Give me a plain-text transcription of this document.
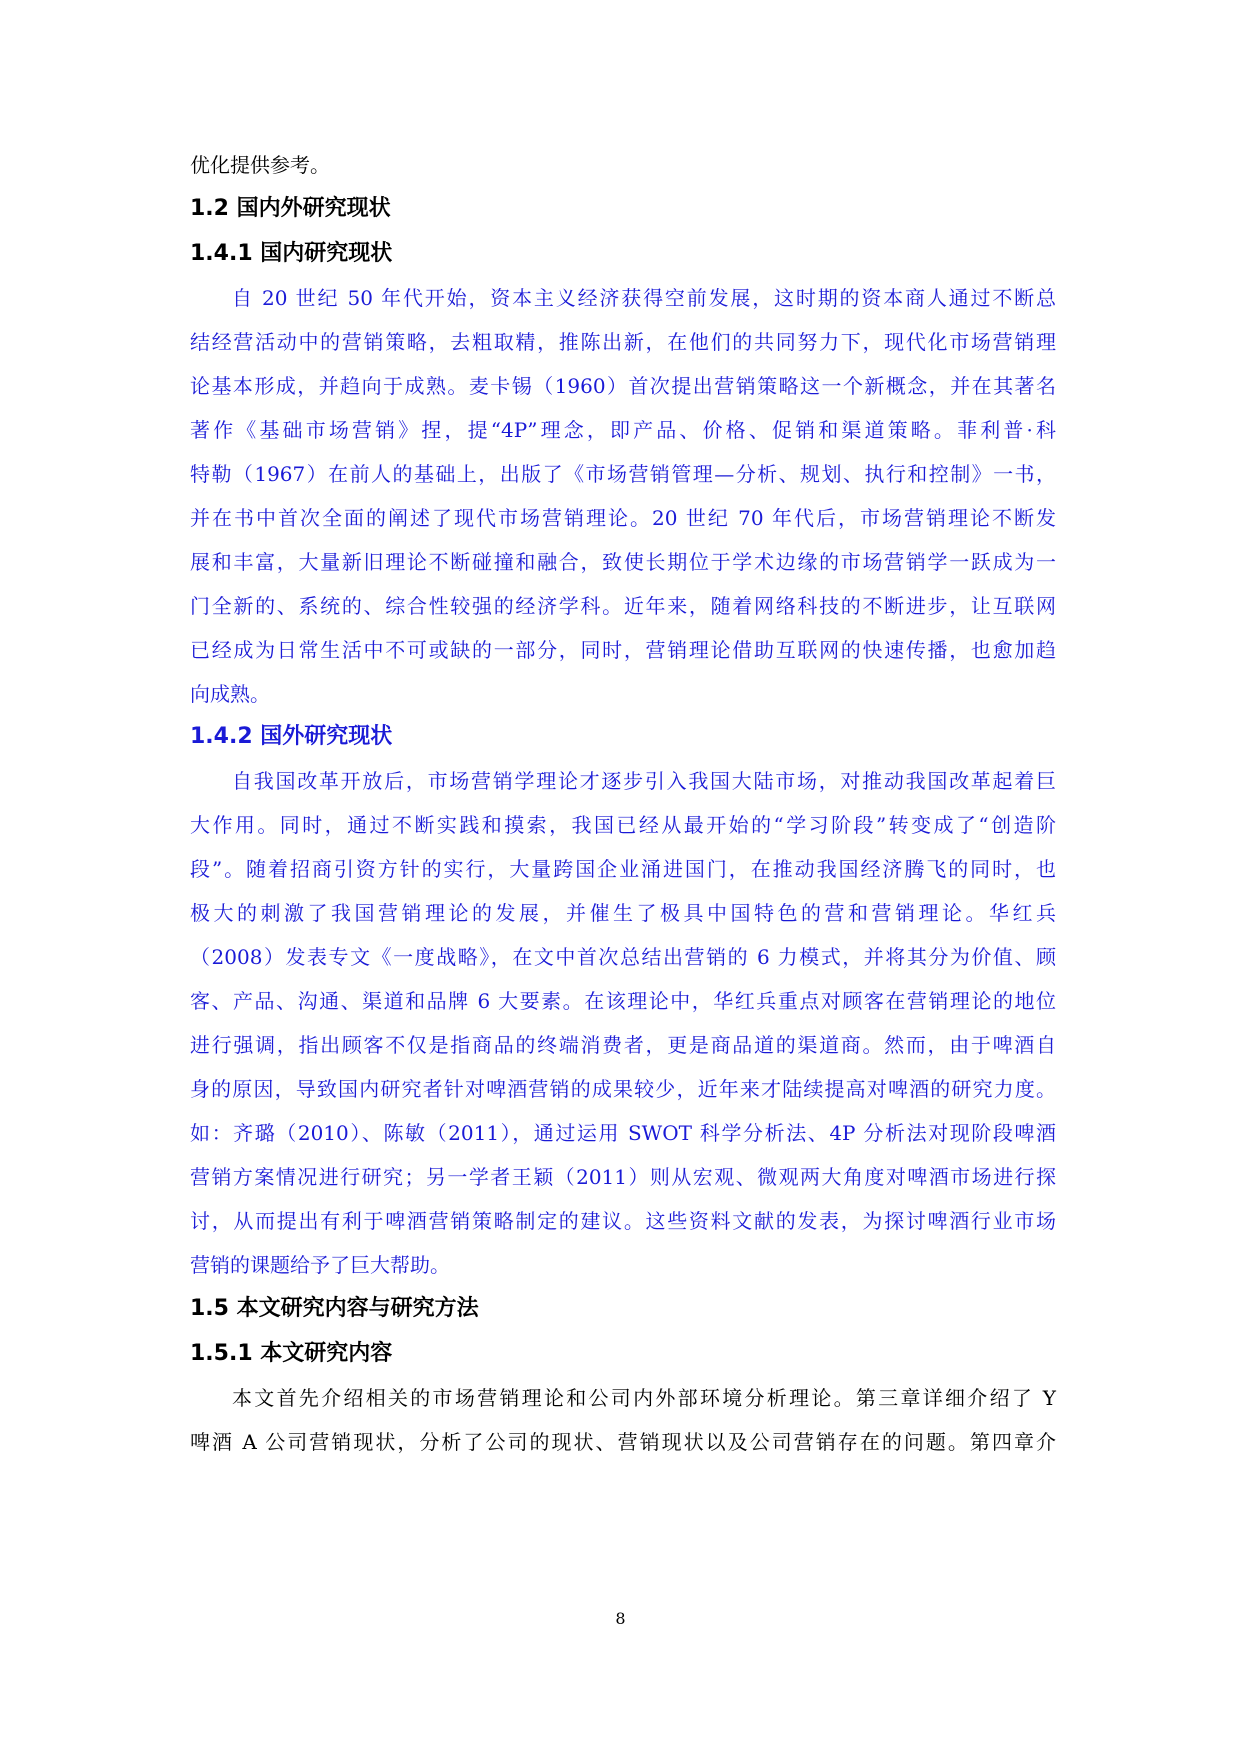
优化提供参考。
1.2 国内外研究现状
1.4.1 国内研究现状
自 20 世纪 50 年代开始，资本主义经济获得空前发展，这时期的资本商人通过不断总
结经营活动中的营销策略，去粗取精，推陈出新，在他们的共同努力下，现代化市场营销理
论基本形成，并趋向于成熟。麦卡锡（1960）首次提出营销策略这一个新概念，并在其著名
著作《基础市场营销》捏，提“4P”理念，即产品、价格、促销和渠道策略。菲利普·科
特勒（1967）在前人的基础上，出版了《市场营销管理—分析、规划、执行和控制》一书，
并在书中首次全面的阐述了现代市场营销理论。20 世纪 70 年代后，市场营销理论不断发
展和丰富，大量新旧理论不断碰撞和融合，致使长期位于学术边缘的市场营销学一跃成为一
门全新的、系统的、综合性较强的经济学科。近年来，随着网络科技的不断进步，让互联网
已经成为日常生活中不可或缺的一部分，同时，营销理论借助互联网的快速传播，也愈加趋
向成熟。
1.4.2 国外研究现状
自我国改革开放后，市场营销学理论才逐步引入我国大陆市场，对推动我国改革起着巨
大作用。同时，通过不断实践和摸索，我国已经从最开始的“学习阶段”转变成了“创造阶
段”。随着招商引资方针的实行，大量跨国企业涌进国门，在推动我国经济腾飞的同时，也
极大的刺激了我国营销理论的发展，并催生了极具中国特色的营和营销理论。华红兵
（2008）发表专文《一度战略》，在文中首次总结出营销的 6 力模式，并将其分为价值、顾
客、产品、沟通、渠道和品牌 6 大要素。在该理论中，华红兵重点对顾客在营销理论的地位
进行强调，指出顾客不仅是指商品的终端消费者，更是商品道的渠道商。然而，由于啤酒自
身的原因，导致国内研究者针对啤酒营销的成果较少，近年来才陆续提高对啤酒的研究力度。
如：齐璐（2010）、陈敏（2011），通过运用 SWOT 科学分析法、4P 分析法对现阶段啤酒
营销方案情况进行研究；另一学者王颖（2011）则从宏观、微观两大角度对啤酒市场进行探
讨，从而提出有利于啤酒营销策略制定的建议。这些资料文献的发表，为探讨啤酒行业市场
营销的课题给予了巨大帮助。
1.5 本文研究内容与研究方法
1.5.1 本文研究内容
本文首先介绍相关的市场营销理论和公司内外部环境分析理论。第三章详细介绍了 Y
啤酒 A 公司营销现状，分析了公司的现状、营销现状以及公司营销存在的问题。第四章介
8
